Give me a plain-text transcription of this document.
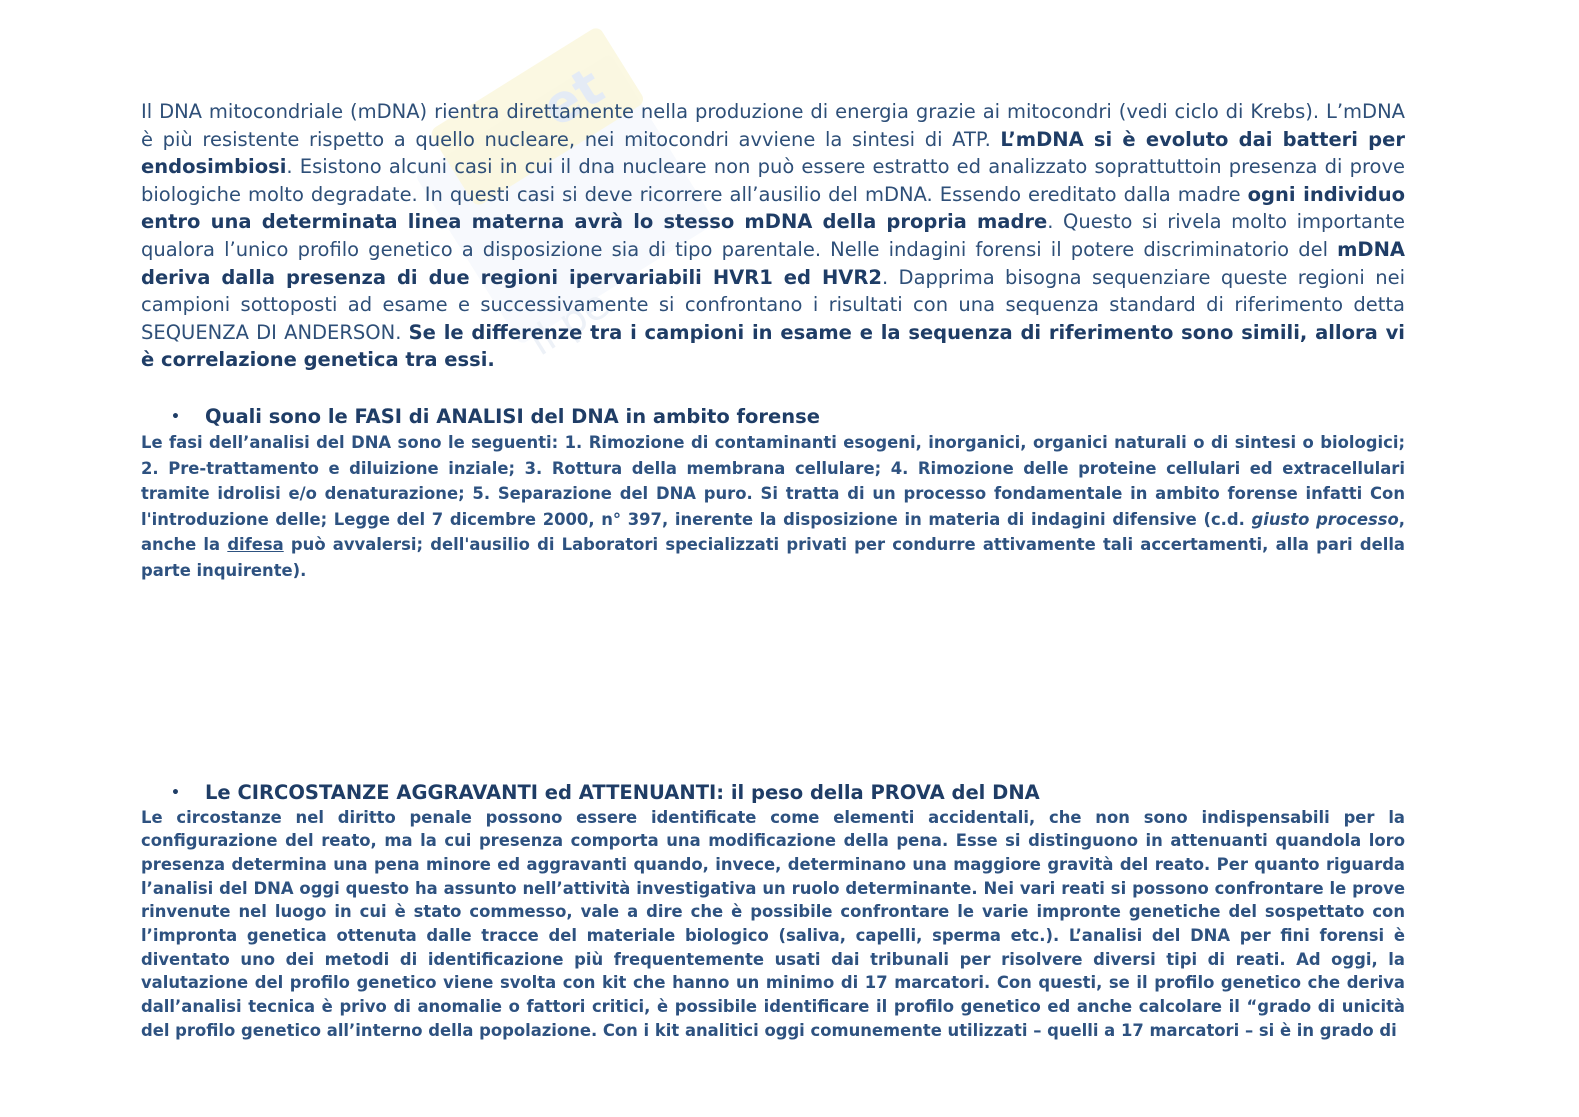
et
il pe

Il DNA mitocondriale (mDNA) rientra direttamente nella produzione di energia grazie ai mitocondri (vedi ciclo di Krebs). L’mDNA è più resistente rispetto a quello nucleare, nei mitocondri avviene la sintesi di ATP. L’mDNA si è evoluto dai batteri per endosimbiosi. Esistono alcuni casi in cui il dna nucleare non può essere estratto ed analizzato soprattuttoin presenza di prove biologiche molto degradate. In questi casi si deve ricorrere all’ausilio del mDNA. Essendo ereditato dalla madre ogni individuo entro una determinata linea materna avrà lo stesso mDNA della propria madre. Questo si rivela molto importante qualora l’unico profilo genetico a disposizione sia di tipo parentale. Nelle indagini forensi il potere discriminatorio del mDNA deriva dalla presenza di due regioni ipervariabili HVR1 ed HVR2. Dapprima bisogna sequenziare queste regioni nei campioni sottoposti ad esame e successivamente si confrontano i risultati con una sequenza standard di riferimento detta SEQUENZA DI ANDERSON. Se le differenze tra i campioni in esame e la sequenza di riferimento sono simili, allora vi è correlazione genetica tra essi.

•	Quali sono le FASI di ANALISI del DNA in ambito forense

Le fasi dell’analisi del DNA sono le seguenti: 1. Rimozione di contaminanti esogeni, inorganici, organici naturali o di sintesi o biologici; 2. Pre-trattamento e diluizione inziale; 3. Rottura della membrana cellulare; 4. Rimozione delle proteine cellulari ed extracellulari tramite idrolisi e/o denaturazione; 5. Separazione del DNA puro. Si tratta di un processo fondamentale in ambito forense infatti Con l'introduzione delle; Legge del 7 dicembre 2000, n° 397, inerente la disposizione in materia di indagini difensive (c.d. giusto processo, anche la difesa può avvalersi; dell'ausilio di Laboratori specializzati privati per condurre attivamente tali accertamenti, alla pari della parte inquirente).

•	Le CIRCOSTANZE AGGRAVANTI ed ATTENUANTI: il peso della PROVA del DNA

Le circostanze nel diritto penale possono essere identificate come elementi accidentali, che non sono indispensabili per la configurazione del reato, ma la cui presenza comporta una modificazione della pena. Esse si distinguono in attenuanti quandola loro presenza determina una pena minore ed aggravanti quando, invece, determinano una maggiore gravità del reato. Per quanto riguarda l’analisi del DNA oggi questo ha assunto nell’attività investigativa un ruolo determinante. Nei vari reati si possono confrontare le prove rinvenute nel luogo in cui è stato commesso, vale a dire che è possibile confrontare le varie impronte genetiche del sospettato con l’impronta genetica ottenuta dalle tracce del materiale biologico (saliva, capelli, sperma etc.). L’analisi del DNA per fini forensi è diventato uno dei metodi di identificazione più frequentemente usati dai tribunali per risolvere diversi tipi di reati. Ad oggi, la valutazione del profilo genetico viene svolta con kit che hanno un minimo di 17 marcatori. Con questi, se il profilo genetico che deriva dall’analisi tecnica è privo di anomalie o fattori critici, è possibile identificare il profilo genetico ed anche calcolare il “grado di unicità del profilo genetico all’interno della popolazione. Con i kit analitici oggi comunemente utilizzati – quelli a 17 marcatori – si è in grado di
